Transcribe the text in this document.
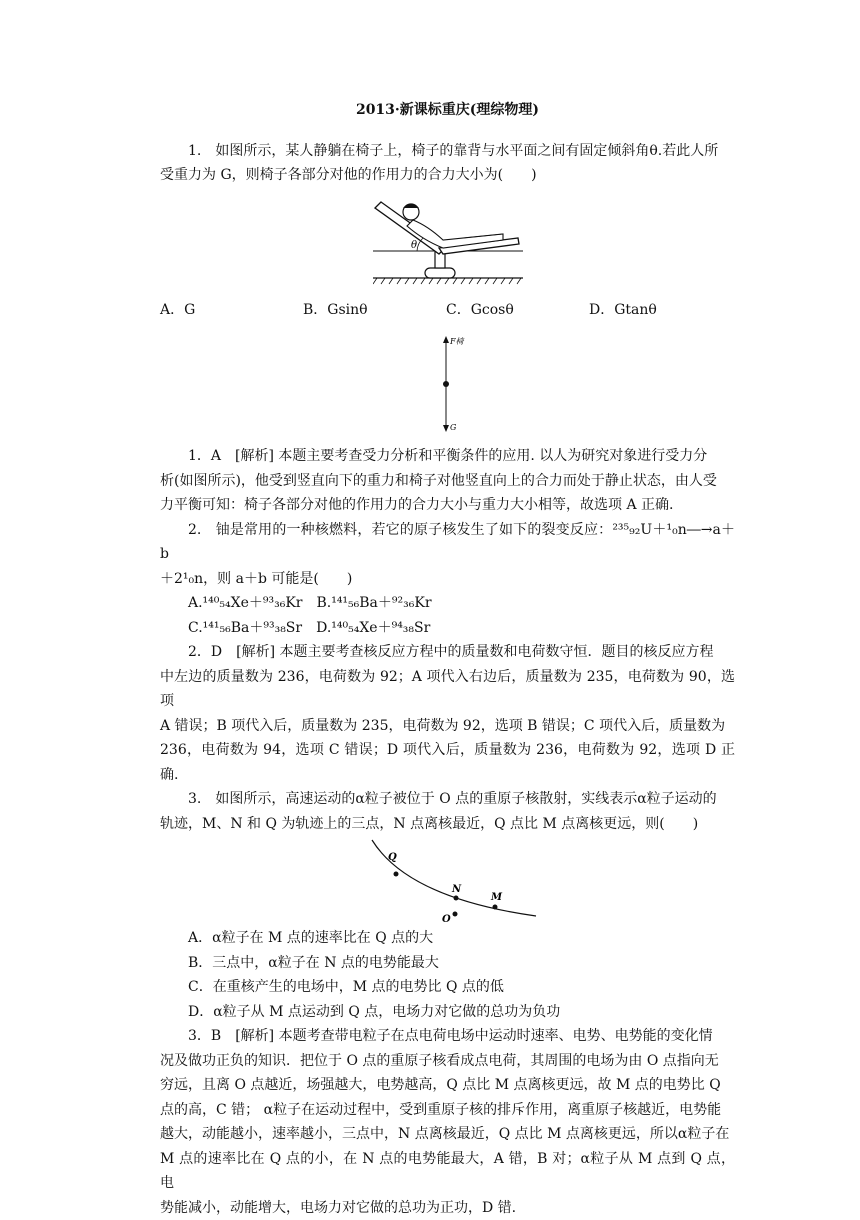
2013·新课标重庆(理综物理)

1.　如图所示，某人静躺在椅子上，椅子的靠背与水平面之间有固定倾斜角θ.若此人所

受重力为 G，则椅子各部分对他的作用力的合力大小为(　　)

θ
A．G	B．Gsinθ	C．Gcosθ	D．Gtanθ
F椅
G

1．A　[解析] 本题主要考查受力分析和平衡条件的应用. 以人为研究对象进行受力分

析(如图所示)，他受到竖直向下的重力和椅子对他竖直向上的合力而处于静止状态，由人受

力平衡可知：椅子各部分对他的作用力的合力大小与重力大小相等，故选项 A 正确.

2.　铀是常用的一种核燃料，若它的原子核发生了如下的裂变反应：²³⁵₉₂U＋¹₀n―→a＋b

＋2¹₀n，则 a＋b 可能是(　　)

A.¹⁴⁰₅₄Xe＋⁹³₃₆Kr　B.¹⁴¹₅₆Ba＋⁹²₃₆Kr

C.¹⁴¹₅₆Ba＋⁹³₃₈Sr　D.¹⁴⁰₅₄Xe＋⁹⁴₃₈Sr

2．D　[解析] 本题主要考查核反应方程中的质量数和电荷数守恒．题目的核反应方程

中左边的质量数为 236，电荷数为 92；A 项代入右边后，质量数为 235，电荷数为 90，选项

A 错误；B 项代入后，质量数为 235，电荷数为 92，选项 B 错误；C 项代入后，质量数为

236，电荷数为 94，选项 C 错误；D 项代入后，质量数为 236，电荷数为 92，选项 D 正确.

3.　如图所示，高速运动的α粒子被位于 O 点的重原子核散射，实线表示α粒子运动的

轨迹，M、N 和 Q 为轨迹上的三点，N 点离核最近，Q 点比 M 点离核更远，则(　　)

Q
N
M
O

A．α粒子在 M 点的速率比在 Q 点的大

B．三点中，α粒子在 N 点的电势能最大

C．在重核产生的电场中，M 点的电势比 Q 点的低

D．α粒子从 M 点运动到 Q 点，电场力对它做的总功为负功

3．B　[解析] 本题考查带电粒子在点电荷电场中运动时速率、电势、电势能的变化情

况及做功正负的知识．把位于 O 点的重原子核看成点电荷，其周围的电场为由 O 点指向无

穷远，且离 O 点越近，场强越大，电势越高，Q 点比 M 点离核更远，故 M 点的电势比 Q

点的高，C 错； α粒子在运动过程中，受到重原子核的排斥作用，离重原子核越近，电势能

越大，动能越小，速率越小，三点中，N 点离核最近，Q 点比 M 点离核更远，所以α粒子在

M 点的速率比在 Q 点的小，在 N 点的电势能最大，A 错，B 对；α粒子从 M 点到 Q 点，电

势能减小，动能增大，电场力对它做的总功为正功，D 错.
